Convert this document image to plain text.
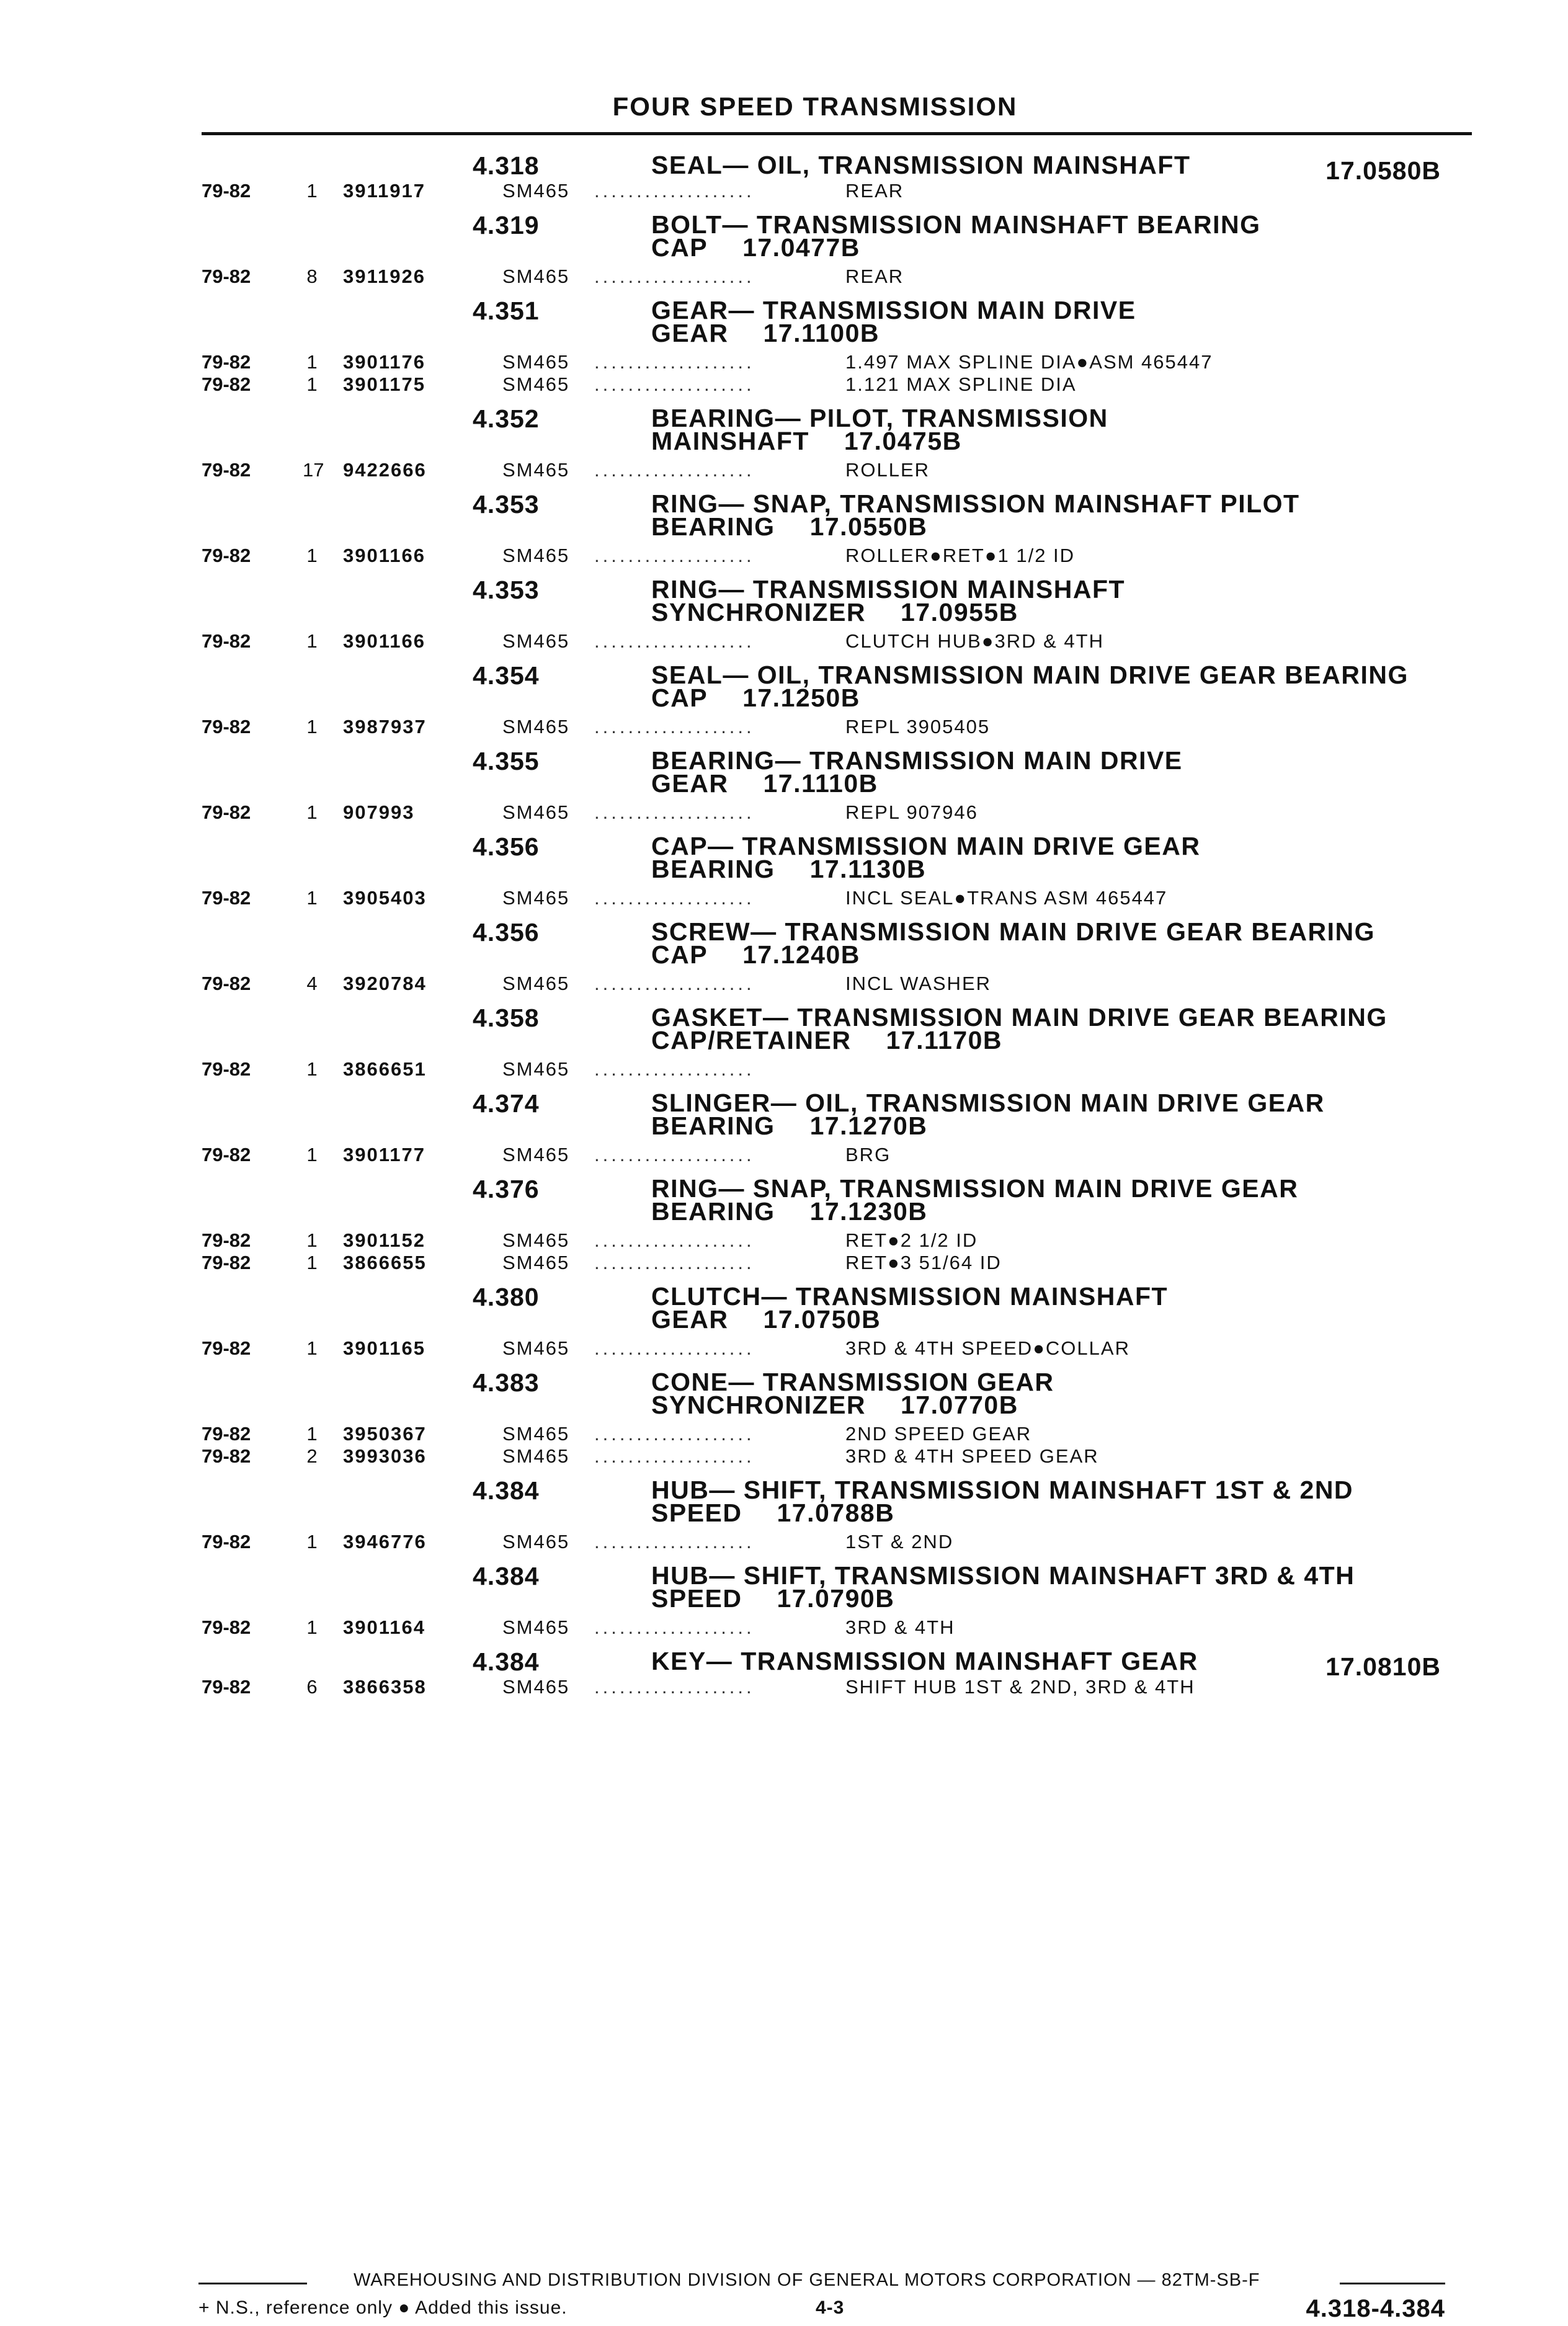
FOUR SPEED TRANSMISSION
4.318	SEAL— OIL, TRANSMISSION MAINSHAFT	17.0580B
79-82	1 3911917	SM465 ...................	REAR
4.319	BOLT— TRANSMISSION MAINSHAFT BEARING
CAP 17.0477B
79-82	8 3911926	SM465 ...................	REAR
4.351	GEAR— TRANSMISSION MAIN DRIVE
GEAR 17.1100B
79-82	1 3901176	SM465 ...................	1.497 MAX SPLINE DIA●ASM 465447
79-82	1 3901175	SM465 ...................	1.121 MAX SPLINE DIA
4.352	BEARING— PILOT, TRANSMISSION
MAINSHAFT 17.0475B
79-82	17 9422666	SM465 ...................	ROLLER
4.353	RING— SNAP, TRANSMISSION MAINSHAFT PILOT
BEARING 17.0550B
79-82	1 3901166	SM465 ...................	ROLLER●RET●1 1/2 ID
4.353	RING— TRANSMISSION MAINSHAFT
SYNCHRONIZER 17.0955B
79-82	1 3901166	SM465 ...................	CLUTCH HUB●3RD & 4TH
4.354	SEAL— OIL, TRANSMISSION MAIN DRIVE GEAR BEARING
CAP 17.1250B
79-82	1 3987937	SM465 ...................	REPL 3905405
4.355	BEARING— TRANSMISSION MAIN DRIVE
GEAR 17.1110B
79-82	1 907993	SM465 ...................	REPL 907946
4.356	CAP— TRANSMISSION MAIN DRIVE GEAR
BEARING 17.1130B
79-82	1 3905403	SM465 ...................	INCL SEAL●TRANS ASM 465447
4.356	SCREW— TRANSMISSION MAIN DRIVE GEAR BEARING
CAP 17.1240B
79-82	4 3920784	SM465 ...................	INCL WASHER
4.358	GASKET— TRANSMISSION MAIN DRIVE GEAR BEARING
CAP/RETAINER 17.1170B
79-82	1 3866651	SM465 ...................
4.374	SLINGER— OIL, TRANSMISSION MAIN DRIVE GEAR
BEARING 17.1270B
79-82	1 3901177	SM465 ...................	BRG
4.376	RING— SNAP, TRANSMISSION MAIN DRIVE GEAR
BEARING 17.1230B
79-82	1 3901152	SM465 ...................	RET●2 1/2 ID
79-82	1 3866655	SM465 ...................	RET●3 51/64 ID
4.380	CLUTCH— TRANSMISSION MAINSHAFT
GEAR 17.0750B
79-82	1 3901165	SM465 ...................	3RD & 4TH SPEED●COLLAR
4.383	CONE— TRANSMISSION GEAR
SYNCHRONIZER 17.0770B
79-82	1 3950367	SM465 ...................	2ND SPEED GEAR
79-82	2 3993036	SM465 ...................	3RD & 4TH SPEED GEAR
4.384	HUB— SHIFT, TRANSMISSION MAINSHAFT 1ST & 2ND
SPEED 17.0788B
79-82	1 3946776	SM465 ...................	1ST & 2ND
4.384	HUB— SHIFT, TRANSMISSION MAINSHAFT 3RD & 4TH
SPEED 17.0790B
79-82	1 3901164	SM465 ...................	3RD & 4TH
4.384	KEY— TRANSMISSION MAINSHAFT GEAR	17.0810B
79-82	6 3866358	SM465 ...................	SHIFT HUB 1ST & 2ND, 3RD & 4TH
WAREHOUSING AND DISTRIBUTION DIVISION OF GENERAL MOTORS CORPORATION — 82TM-SB-F
+ N.S., reference only ● Added this issue.	4-3	4.318-4.384
